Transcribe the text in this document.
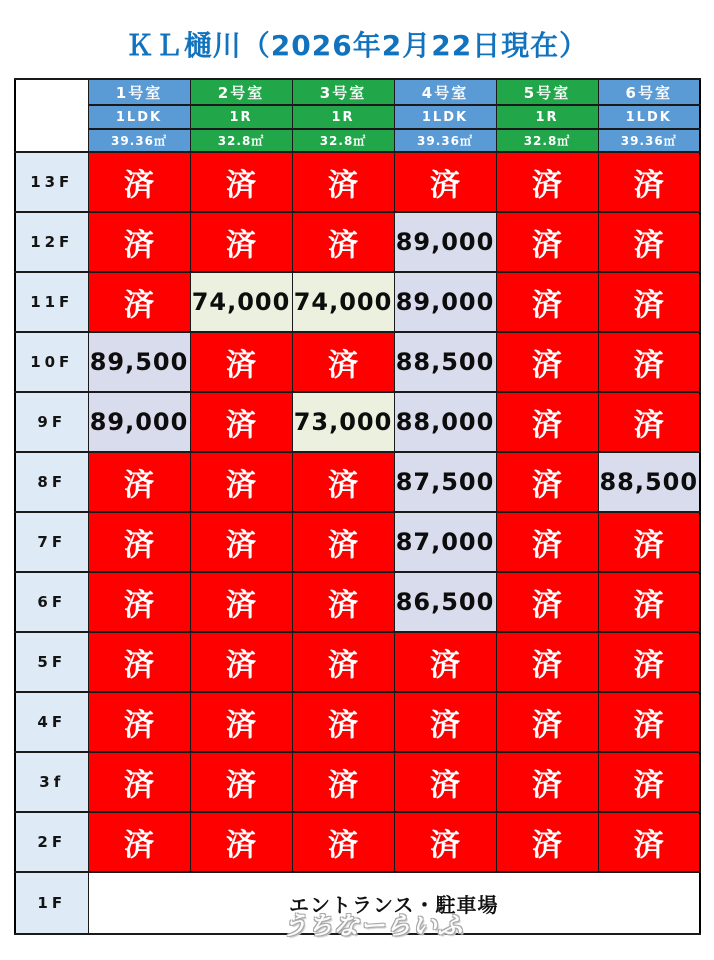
ＫＬ樋川（2026年2月22日現在）
	1号室	2号室	3号室	4号室	5号室	6号室
	1LDK	1R	1R	1LDK	1R	1LDK
	39.36㎡	32.8㎡	32.8㎡	39.36㎡	32.8㎡	39.36㎡
13F	済	済	済	済	済	済
12F	済	済	済	89,000	済	済
11F	済	74,000	74,000	89,000	済	済
10F	89,500	済	済	88,500	済	済
9F	89,000	済	73,000	88,000	済	済
8F	済	済	済	87,500	済	88,500
7F	済	済	済	87,000	済	済
6F	済	済	済	86,500	済	済
5F	済	済	済	済	済	済
4F	済	済	済	済	済	済
3f	済	済	済	済	済	済
2F	済	済	済	済	済	済
1F	エントランス・駐車場					
うちなーらいふ
